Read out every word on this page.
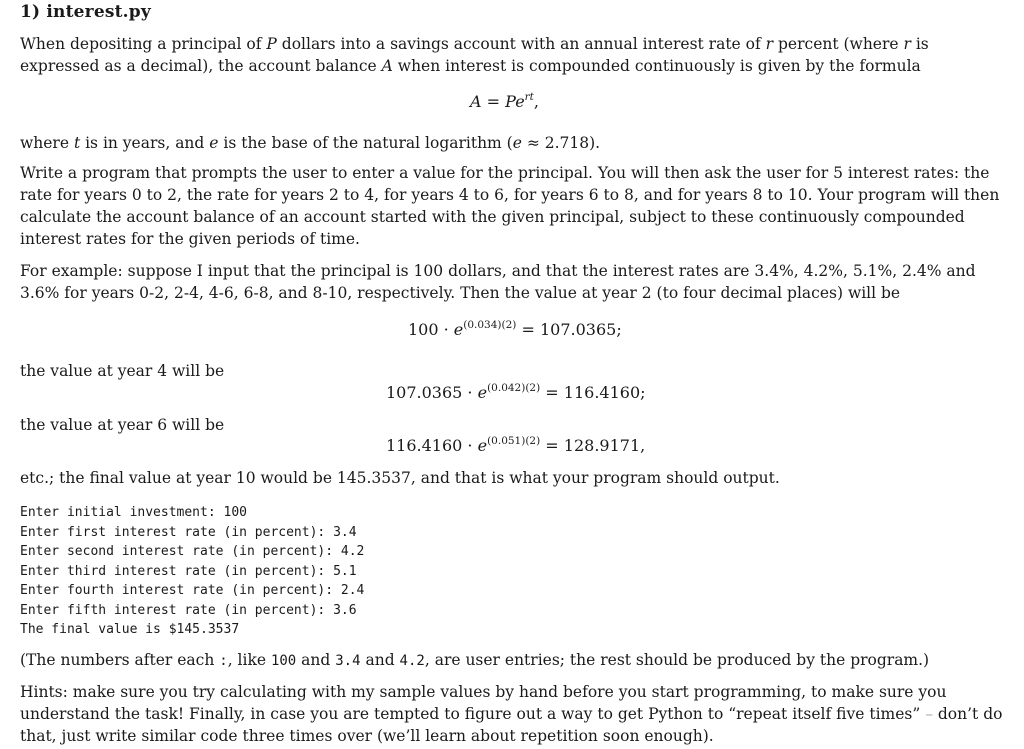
1) interest.py
When depositing a principal of P dollars into a savings account with an annual interest rate of r percent (where r is expressed as a decimal), the account balance A when interest is compounded continuously is given by the formula
$A = Pe^{rt}$,
where t is in years, and e is the base of the natural logarithm (e ≈ 2.718).
Write a program that prompts the user to enter a value for the principal. You will then ask the user for 5 interest rates: the rate for years 0 to 2, the rate for years 2 to 4, for years 4 to 6, for years 6 to 8, and for years 8 to 10. Your program will then calculate the account balance of an account started with the given principal, subject to these continuously compounded interest rates for the given periods of time.
For example: suppose I input that the principal is 100 dollars, and that the interest rates are 3.4%, 4.2%, 5.1%, 2.4% and 3.6% for years 0-2, 2-4, 4-6, 6-8, and 8-10, respectively. Then the value at year 2 (to four decimal places) will be
$100 \cdot e^{(0.034)(2)} = 107.0365$;
the value at year 4 will be
$107.0365 \cdot e^{(0.042)(2)} = 116.4160$;
the value at year 6 will be
$116.4160 \cdot e^{(0.051)(2)} = 128.9171$,
etc.; the final value at year 10 would be 145.3537, and that is what your program should output.
Enter initial investment: 100
Enter first interest rate (in percent): 3.4
Enter second interest rate (in percent): 4.2
Enter third interest rate (in percent): 5.1
Enter fourth interest rate (in percent): 2.4
Enter fifth interest rate (in percent): 3.6
The final value is $145.3537
(The numbers after each :, like 100 and 3.4 and 4.2, are user entries; the rest should be produced by the program.)
Hints: make sure you try calculating with my sample values by hand before you start programming, to make sure you understand the task! Finally, in case you are tempted to figure out a way to get Python to “repeat itself five times” – don’t do that, just write similar code three times over (we’ll learn about repetition soon enough).
